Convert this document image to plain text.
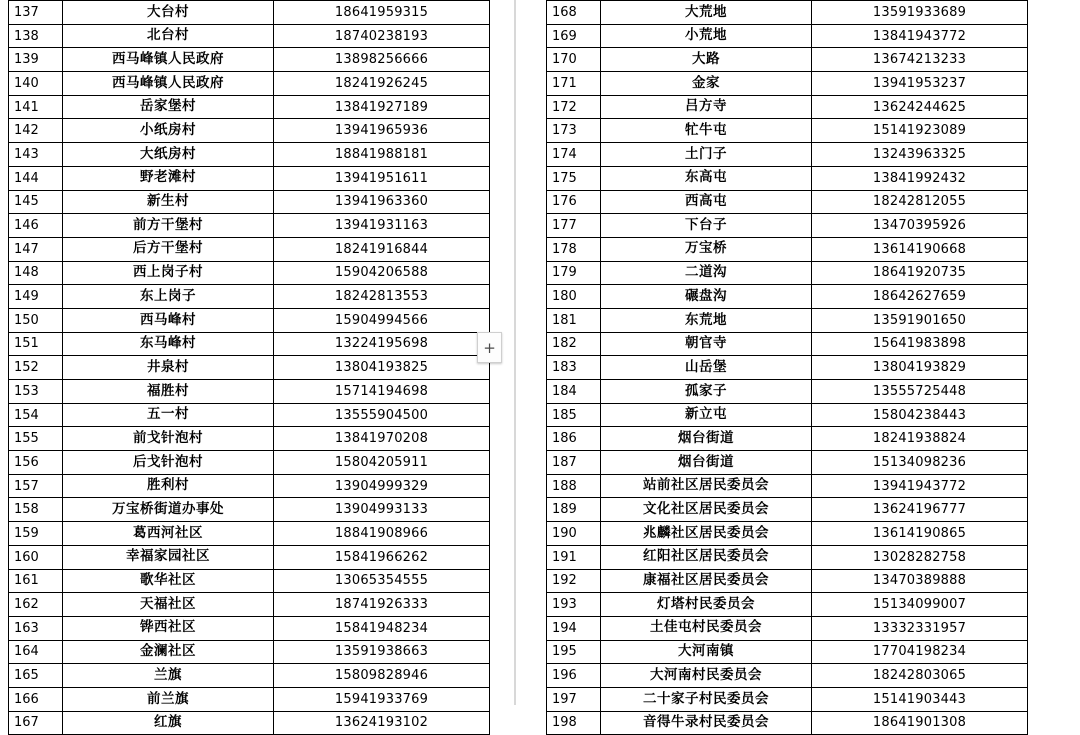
137	大台村	18641959315
138	北台村	18740238193
139	西马峰镇人民政府	13898256666
140	西马峰镇人民政府	18241926245
141	岳家堡村	13841927189
142	小纸房村	13941965936
143	大纸房村	18841988181
144	野老滩村	13941951611
145	新生村	13941963360
146	前方干堡村	13941931163
147	后方干堡村	18241916844
148	西上岗子村	15904206588
149	东上岗子	18242813553
150	西马峰村	15904994566
151	东马峰村	13224195698
152	井泉村	13804193825
153	福胜村	15714194698
154	五一村	13555904500
155	前戈针泡村	13841970208
156	后戈针泡村	15804205911
157	胜利村	13904999329
158	万宝桥街道办事处	13904993133
159	葛西河社区	18841908966
160	幸福家园社区	15841966262
161	歌华社区	13065354555
162	天福社区	18741926333
163	铧西社区	15841948234
164	金澜社区	13591938663
165	兰旗	15809828946
166	前兰旗	15941933769
167	红旗	13624193102
168	大荒地	13591933689
169	小荒地	13841943772
170	大路	13674213233
171	金家	13941953237
172	吕方寺	13624244625
173	牤牛屯	15141923089
174	土门子	13243963325
175	东高屯	13841992432
176	西高屯	18242812055
177	下台子	13470395926
178	万宝桥	13614190668
179	二道沟	18641920735
180	碾盘沟	18642627659
181	东荒地	13591901650
182	朝官寺	15641983898
183	山岳堡	13804193829
184	孤家子	13555725448
185	新立屯	15804238443
186	烟台街道	18241938824
187	烟台街道	15134098236
188	站前社区居民委员会	13941943772
189	文化社区居民委员会	13624196777
190	兆麟社区居民委员会	13614190865
191	红阳社区居民委员会	13028282758
192	康福社区居民委员会	13470389888
193	灯塔村民委员会	15134099007
194	土佳屯村民委员会	13332331957
195	大河南镇	17704198234
196	大河南村民委员会	18242803065
197	二十家子村民委员会	15141903443
198	音得牛录村民委员会	18641901308
+
